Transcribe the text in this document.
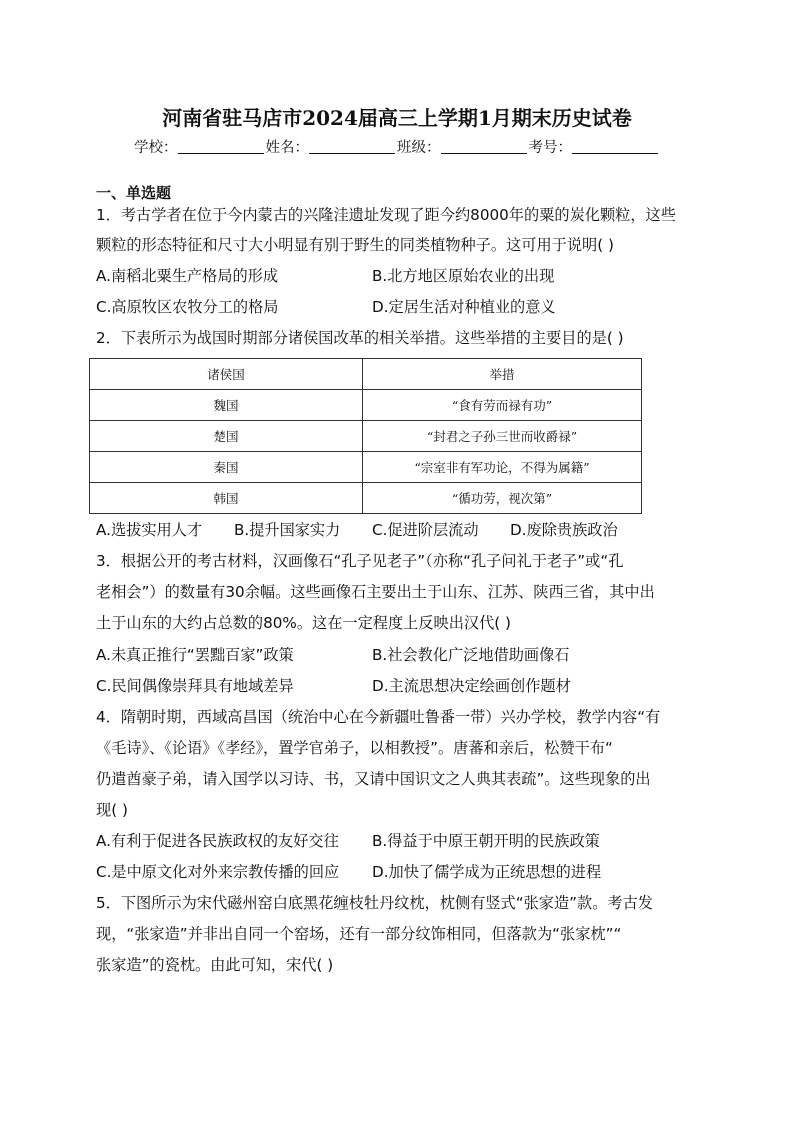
河南省驻马店市2024届高三上学期1月期末历史试卷
学校：	姓名：	班级：	考号：
一、单选题
1．考古学者在位于今内蒙古的兴隆洼遗址发现了距今约8000年的粟的炭化颗粒，这些
颗粒的形态特征和尺寸大小明显有别于野生的同类植物种子。这可用于说明( )
A.南稻北粟生产格局的形成	B.北方地区原始农业的出现
C.高原牧区农牧分工的格局	D.定居生活对种植业的意义
2．下表所示为战国时期部分诸侯国改革的相关举措。这些举措的主要目的是( )
诸侯国	举措
魏国	“食有劳而禄有功”
楚国	“封君之子孙三世而收爵禄”
秦国	“宗室非有军功论，不得为属籍”
韩国	“循功劳，视次第”
A.选拔实用人才 B.提升国家实力 C.促进阶层流动 D.废除贵族政治
3．根据公开的考古材料，汉画像石“孔子见老子”（亦称“孔子问礼于老子”或“孔
老相会”）的数量有30余幅。这些画像石主要出土于山东、江苏、陕西三省，其中出
土于山东的大约占总数的80%。这在一定程度上反映出汉代( )
A.未真正推行“罢黜百家”政策	B.社会教化广泛地借助画像石
C.民间偶像崇拜具有地域差异	D.主流思想决定绘画创作题材
4．隋朝时期，西域高昌国（统治中心在今新疆吐鲁番一带）兴办学校，教学内容“有
《毛诗》、《论语》《孝经》，置学官弟子，以相教授”。唐蕃和亲后，松赞干布“
仍遣酋豪子弟，请入国学以习诗、书，又请中国识文之人典其表疏”。这些现象的出
现( )
A.有利于促进各民族政权的友好交往 B.得益于中原王朝开明的民族政策
C.是中原文化对外来宗教传播的回应 D.加快了儒学成为正统思想的进程
5．下图所示为宋代磁州窑白底黑花缠枝牡丹纹枕，枕侧有竖式“张家造”款。考古发
现，“张家造”并非出自同一个窑场，还有一部分纹饰相同，但落款为“张家枕”“
张家造”的瓷枕。由此可知，宋代( )
